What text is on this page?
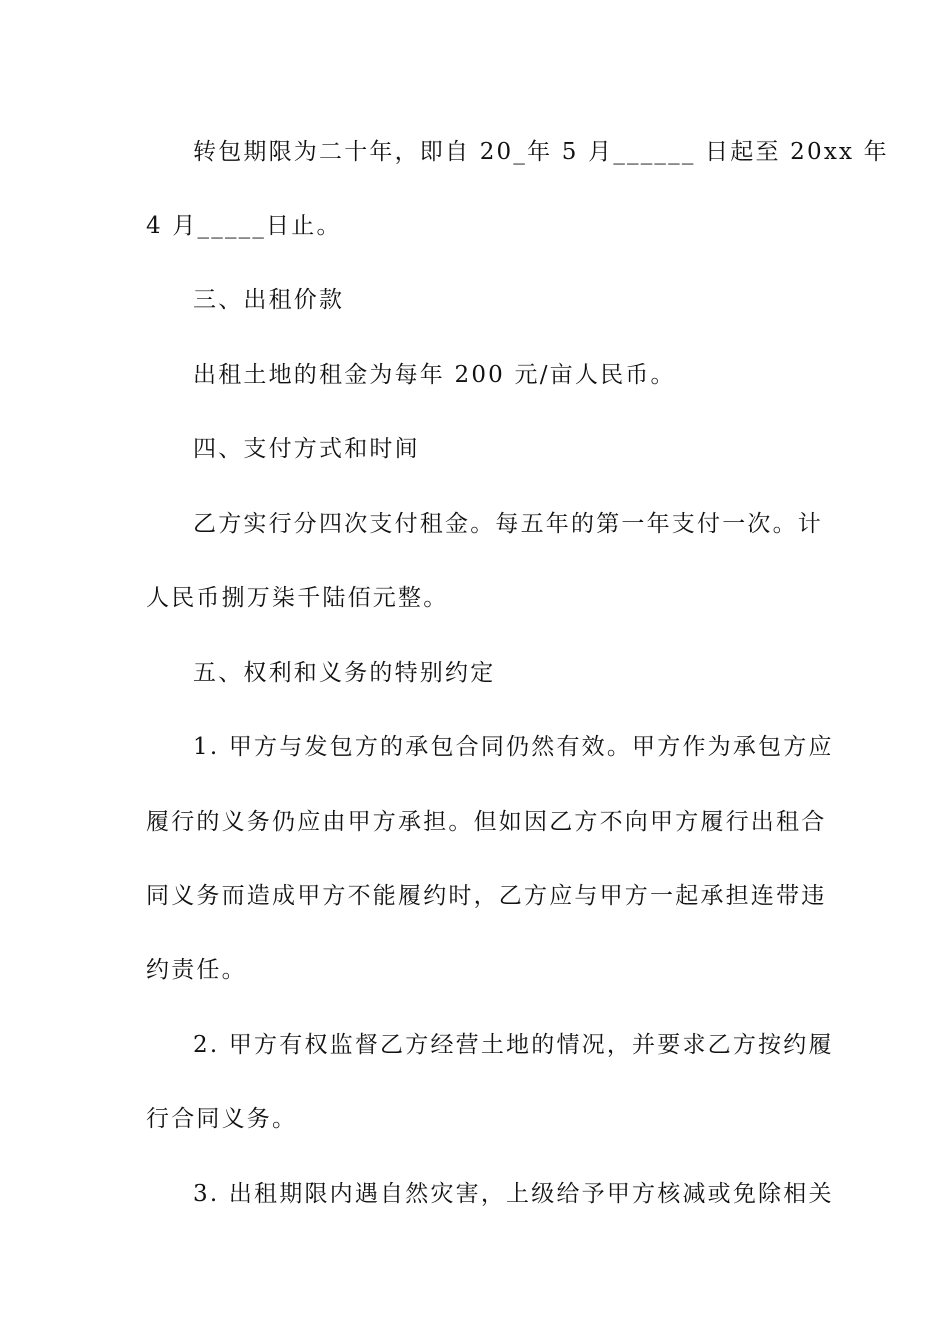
转包期限为二十年，即自 20_年 5 月______ 日起至 20xx 年
4 月_____日止。
三、出租价款
出租土地的租金为每年 200 元/亩人民币。
四、支付方式和时间
乙方实行分四次支付租金。每五年的第一年支付一次。计
人民币捌万柒千陆佰元整。
五、权利和义务的特别约定
1. 甲方与发包方的承包合同仍然有效。甲方作为承包方应
履行的义务仍应由甲方承担。但如因乙方不向甲方履行出租合
同义务而造成甲方不能履约时，乙方应与甲方一起承担连带违
约责任。
2. 甲方有权监督乙方经营土地的情况，并要求乙方按约履
行合同义务。
3. 出租期限内遇自然灾害，上级给予甲方核减或免除相关
